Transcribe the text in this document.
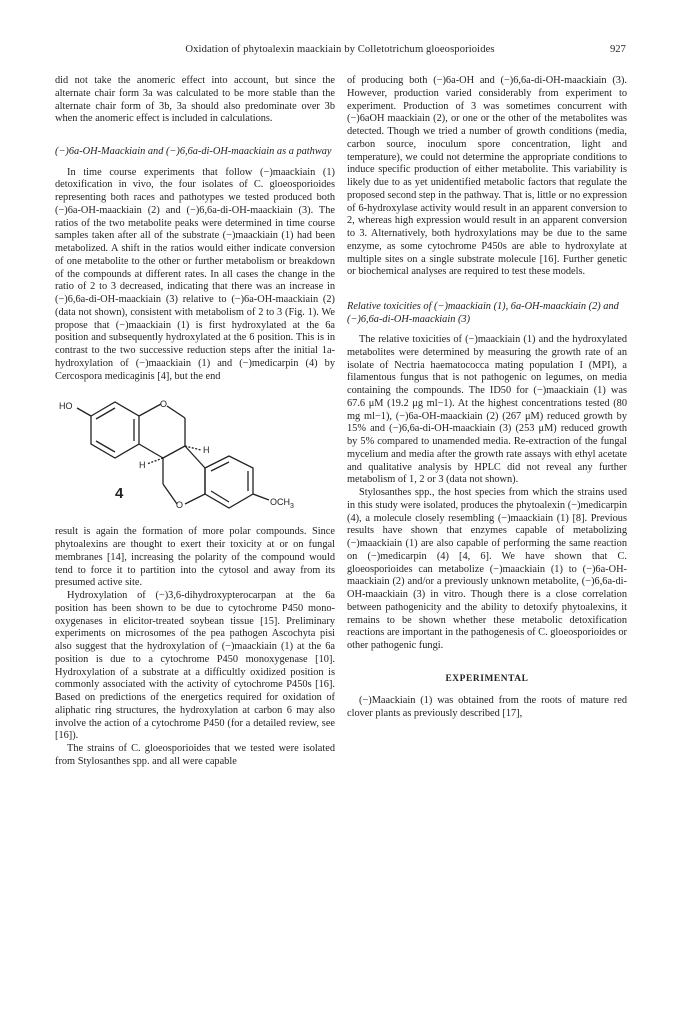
Oxidation of phytoalexin maackiain by Colletotrichum gloeosporioides	927

did not take the anomeric effect into account, but since the alternate chair form 3a was calculated to be more stable than the alternate chair form of 3b, 3a should also predominate over 3b when the anomeric effect is included in calculations.

(−)6a-OH-Maackiain and (−)6,6a-di-OH-maackiain as a pathway

In time course experiments that follow (−)maackiain (1) detoxification in vivo, the four isolates of C. gloeosporioides representing both races and pathotypes we tested produced both (−)6a-OH-maackiain (2) and (−)6,6a-di-OH-maackiain (3). The ratios of the two metabolite peaks were determined in time course samples taken after all of the substrate (−)maackiain (1) had been metabolized. A shift in the ratios would either indicate conversion of one metabolite to the other or further metabolism or breakdown of the compounds at different rates. In all cases the change in the ratio of 2 to 3 decreased, indicating that there was an increase in (−)6,6a-di-OH-maackiain (3) relative to (−)6a-OH-maackiain (2) (data not shown), consistent with metabolism of 2 to 3 (Fig. 1). We propose that (−)maackiain (1) is first hydroxylated at the 6a position and subsequently hydroxylated at the 6 position. This is in contrast to the two successive reduction steps after the initial 1a-hydroxylation of (−)maackiain (1) and (−)medicarpin (4) by Cercospora medicaginis [4], but the end

HO	O
H
H
O	$OCH_3$
4

result is again the formation of more polar compounds. Since phytoalexins are thought to exert their toxicity at or on fungal membranes [14], increasing the polarity of the compound would tend to force it to partition into the cytosol and away from its presumed active site.

Hydroxylation of (−)3,6-dihydroxypterocarpan at the 6a position has been shown to be due to cytochrome P450 mono-oxygenases in elicitor-treated soybean tissue [15]. Preliminary experiments on microsomes of the pea pathogen Ascochyta pisi also suggest that the hydroxylation of (−)maackiain (1) at the 6a position is due to a cytochrome P450 monoxygenase [10]. Hydroxylation of a substrate at a difficultly oxidized position is commonly associated with the activity of cytochrome P450s [16]. Based on predictions of the energetics required for oxidation of aliphatic ring structures, the hydroxylation at carbon 6 may also involve the action of a cytochrome P450 (for a detailed review, see [16]).

The strains of C. gloeosporioides that we tested were isolated from Stylosanthes spp. and all were capable

of producing both (−)6a-OH and (−)6,6a-di-OH-maackiain (3). However, production varied considerably from experiment to experiment. Production of 3 was sometimes concurrent with (−)6aOH maackiain (2), or one or the other of the metabolites was detected. Though we tried a number of growth conditions (media, carbon source, inoculum spore concentration, light and temperature), we could not determine the appropriate conditions to induce specific production of either metabolite. This variability is likely due to as yet unidentified metabolic factors that regulate the proposed second step in the pathway. That is, little or no expression of 6-hydroxylase activity would result in an apparent conversion to 2, whereas high expression would result in an apparent conversion to 3. Alternatively, both hydroxylations may be due to the same enzyme, as some cytochrome P450s are able to hydroxylate at multiple sites on a single substrate molecule [16]. Further genetic or biochemical analyses are required to test these models.

Relative toxicities of (−)maackiain (1), 6a-OH-maackiain (2) and (−)6,6a-di-OH-maackiain (3)

The relative toxicities of (−)maackiain (1) and the hydroxylated metabolites were determined by measuring the growth rate of an isolate of Nectria haematococca mating population I (MPI), a filamentous fungus that is not pathogenic on legumes, on media containing the compounds. The ID50 for (−)maackiain (1) was 67.6 μM (19.2 μg ml−1). At the highest concentrations tested (80 mg ml−1), (−)6a-OH-maackiain (2) (267 μM) reduced growth by 15% and (−)6,6a-di-OH-maackiain (3) (253 μM) reduced growth by 5% compared to unamended media. Re-extraction of the fungal mycelium and media after the growth rate assays with ethyl acetate and qualitative analysis by HPLC did not reveal any further metabolism of 1, 2 or 3 (data not shown).

Stylosanthes spp., the host species from which the strains used in this study were isolated, produces the phytoalexin (−)medicarpin (4), a molecule closely resembling (−)maackiain (1) [8]. Previous results have shown that enzymes capable of metabolizing (−)maackiain (1) are also capable of performing the same reaction on (−)medicarpin (4) [4, 6]. We have shown that C. gloeosporioides can metabolize (−)maackiain (1) to (−)6a-OH-maackiain (2) and/or a previously unknown metabolite, (−)6,6a-di-OH-maackiain (3) in vitro. Though there is a close correlation between pathogenicity and the ability to detoxify phytoalexins, it remains to be shown whether these metabolic detoxification reactions are important in the pathogenesis of C. gloeosporioides or other pathogenic fungi.

EXPERIMENTAL

(−)Maackiain (1) was obtained from the roots of mature red clover plants as previously described [17],
